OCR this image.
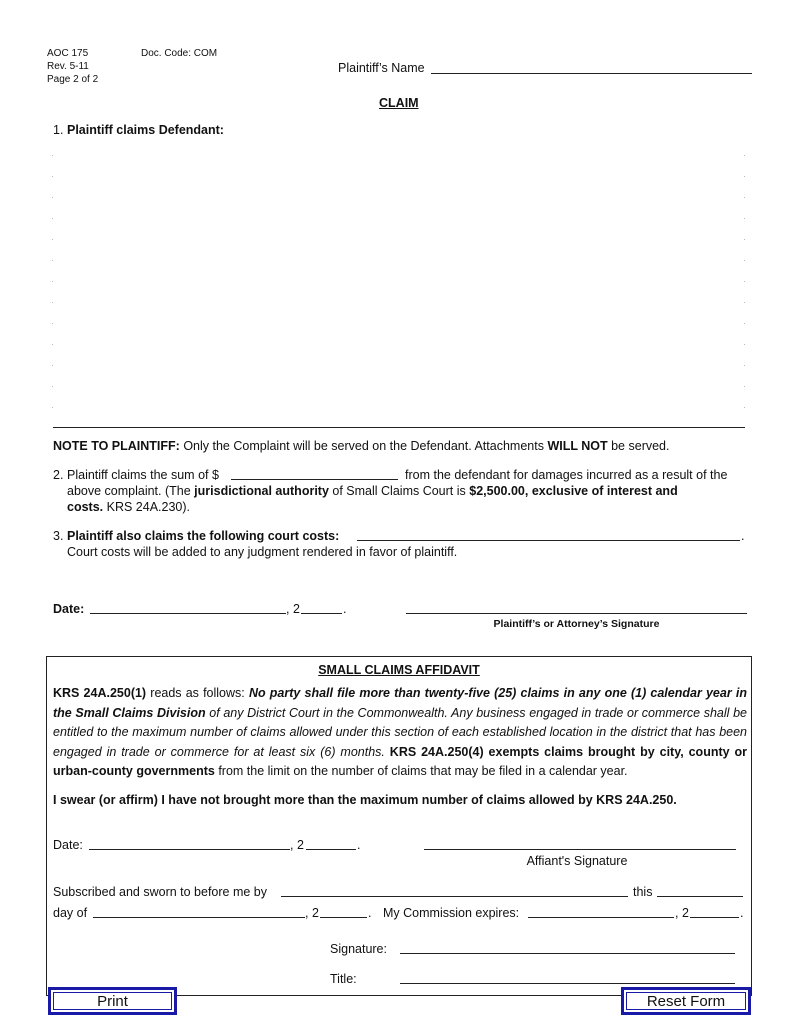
AOC 175	Doc. Code: COM
Rev. 5-11
Page 2 of 2
Plaintiff’s Name
CLAIM
1. Plaintiff claims Defendant:
NOTE TO PLAINTIFF: Only the Complaint will be served on the Defendant. Attachments WILL NOT be served.
2. Plaintiff claims the sum of $	from the defendant for damages incurred as a result of the
above complaint. (The jurisdictional authority of Small Claims Court is $2,500.00, exclusive of interest and
costs. KRS 24A.230).
3. Plaintiff also claims the following court costs:	.
Court costs will be added to any judgment rendered in favor of plaintiff.
Date:	, 2	.
Plaintiff’s or Attorney’s Signature
SMALL CLAIMS AFFIDAVIT
KRS 24A.250(1) reads as follows: No party shall file more than twenty-five (25) claims in any one (1) calendar year in the Small Claims Division of any District Court in the Commonwealth. Any business engaged in trade or commerce shall be entitled to the maximum number of claims allowed under this section of each established location in the district that has been engaged in trade or commerce for at least six (6) months. KRS 24A.250(4) exempts claims brought by city, county or urban-county governments from the limit on the number of claims that may be filed in a calendar year.
I swear (or affirm) I have not brought more than the maximum number of claims allowed by KRS 24A.250.
Date:	, 2	.
Affiant's Signature
Subscribed and sworn to before me by	this
day of	, 2	. My Commission expires:	, 2	.
Signature:
Title:
Print	Reset Form
